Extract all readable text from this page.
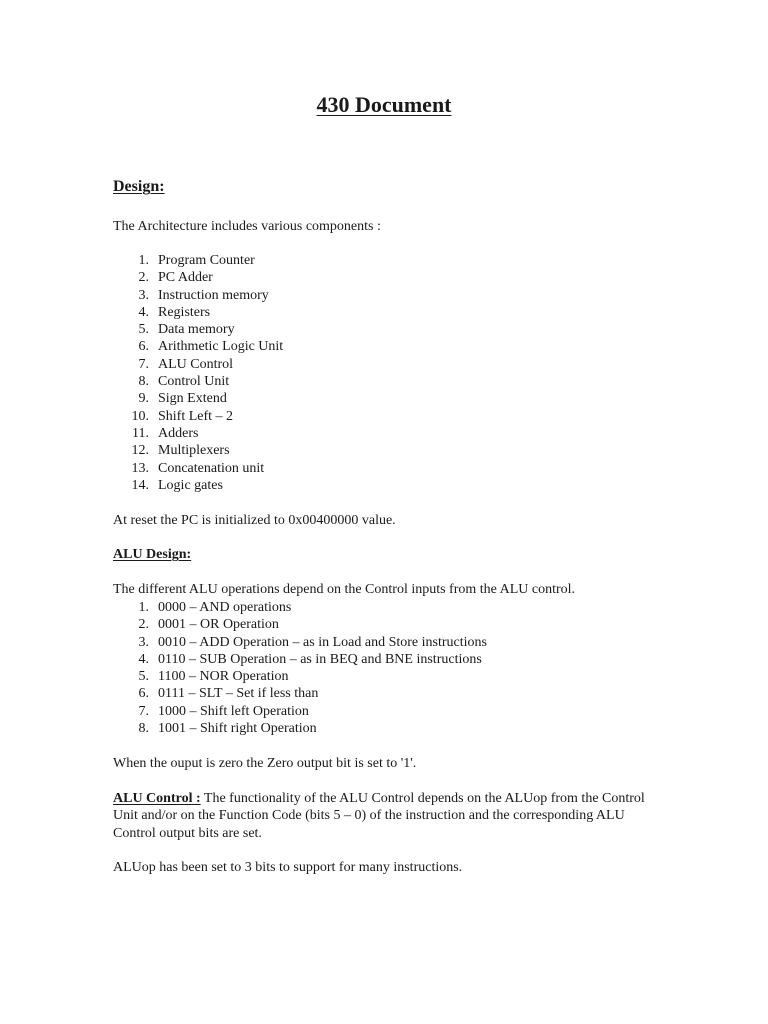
430 Document
Design:
The Architecture includes various components :
1. Program Counter
2. PC Adder
3. Instruction memory
4. Registers
5. Data memory
6. Arithmetic Logic Unit
7. ALU Control
8. Control Unit
9. Sign Extend
10. Shift Left – 2
11. Adders
12. Multiplexers
13. Concatenation unit
14. Logic gates
At reset the PC is initialized to 0x00400000 value.
ALU Design:
The different ALU operations depend on the Control inputs from the ALU control.
1. 0000 – AND operations
2. 0001 – OR Operation
3. 0010 – ADD Operation – as in Load and Store instructions
4. 0110 – SUB Operation – as in BEQ and BNE instructions
5. 1100 – NOR Operation
6. 0111 – SLT – Set if less than
7. 1000 – Shift left Operation
8. 1001 – Shift right Operation
When the ouput is zero the Zero output bit is set to '1'.
ALU Control : The functionality of the ALU Control depends on the ALUop from the Control Unit and/or on the Function Code (bits 5 – 0) of the instruction and the corresponding ALU Control output bits are set.
ALUop has been set to 3 bits to support for many instructions.
